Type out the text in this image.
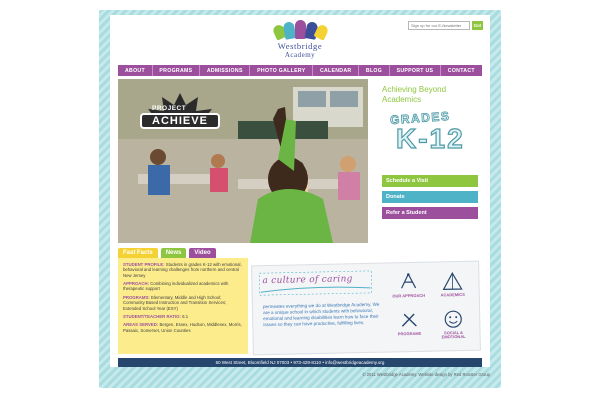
Westbridge
Academy
Sign up for our E-Newsletter
Go!
ABOUT	PROGRAMS	ADMISSIONS	PHOTO GALLERY	CALENDAR	BLOG	SUPPORT US	CONTACT
PROJECT
ACHIEVE
Achieving Beyond Academics
GRADES
K-12
Schedule a Visit
Donate
Refer a Student
Fast Facts	News	Video
STUDENT PROFILE: Students in grades K-12 with emotional, behavioral and learning challenges from northern and central New Jersey
APPROACH: Combining individualized academics with therapeutic support
PROGRAMS: Elementary, Middle and High School; Community Based Instruction and Transition Services; Extended School Year (ESY)
STUDENT/TEACHER RATIO: 6:1
AREAS SERVED: Bergen, Essex, Hudson, Middlesex, Morris, Passaic, Somerset, Union Counties
a culture of caring
permeates everything we do at Westbridge Academy. We are a unique school in which students with behavioral, emotional and learning disabilities learn how to face their issues so they can have productive, fulfilling lives.
OUR APPROACH	ACADEMICS
PROGRAMS	SOCIAL & EMOTIONAL
60 West Street, Bloomfield NJ 07003 • 973-429-8110 • info@westbridgeacademy.org
© 2011 Westbridge Academy. Website design by Red Rooster Group
